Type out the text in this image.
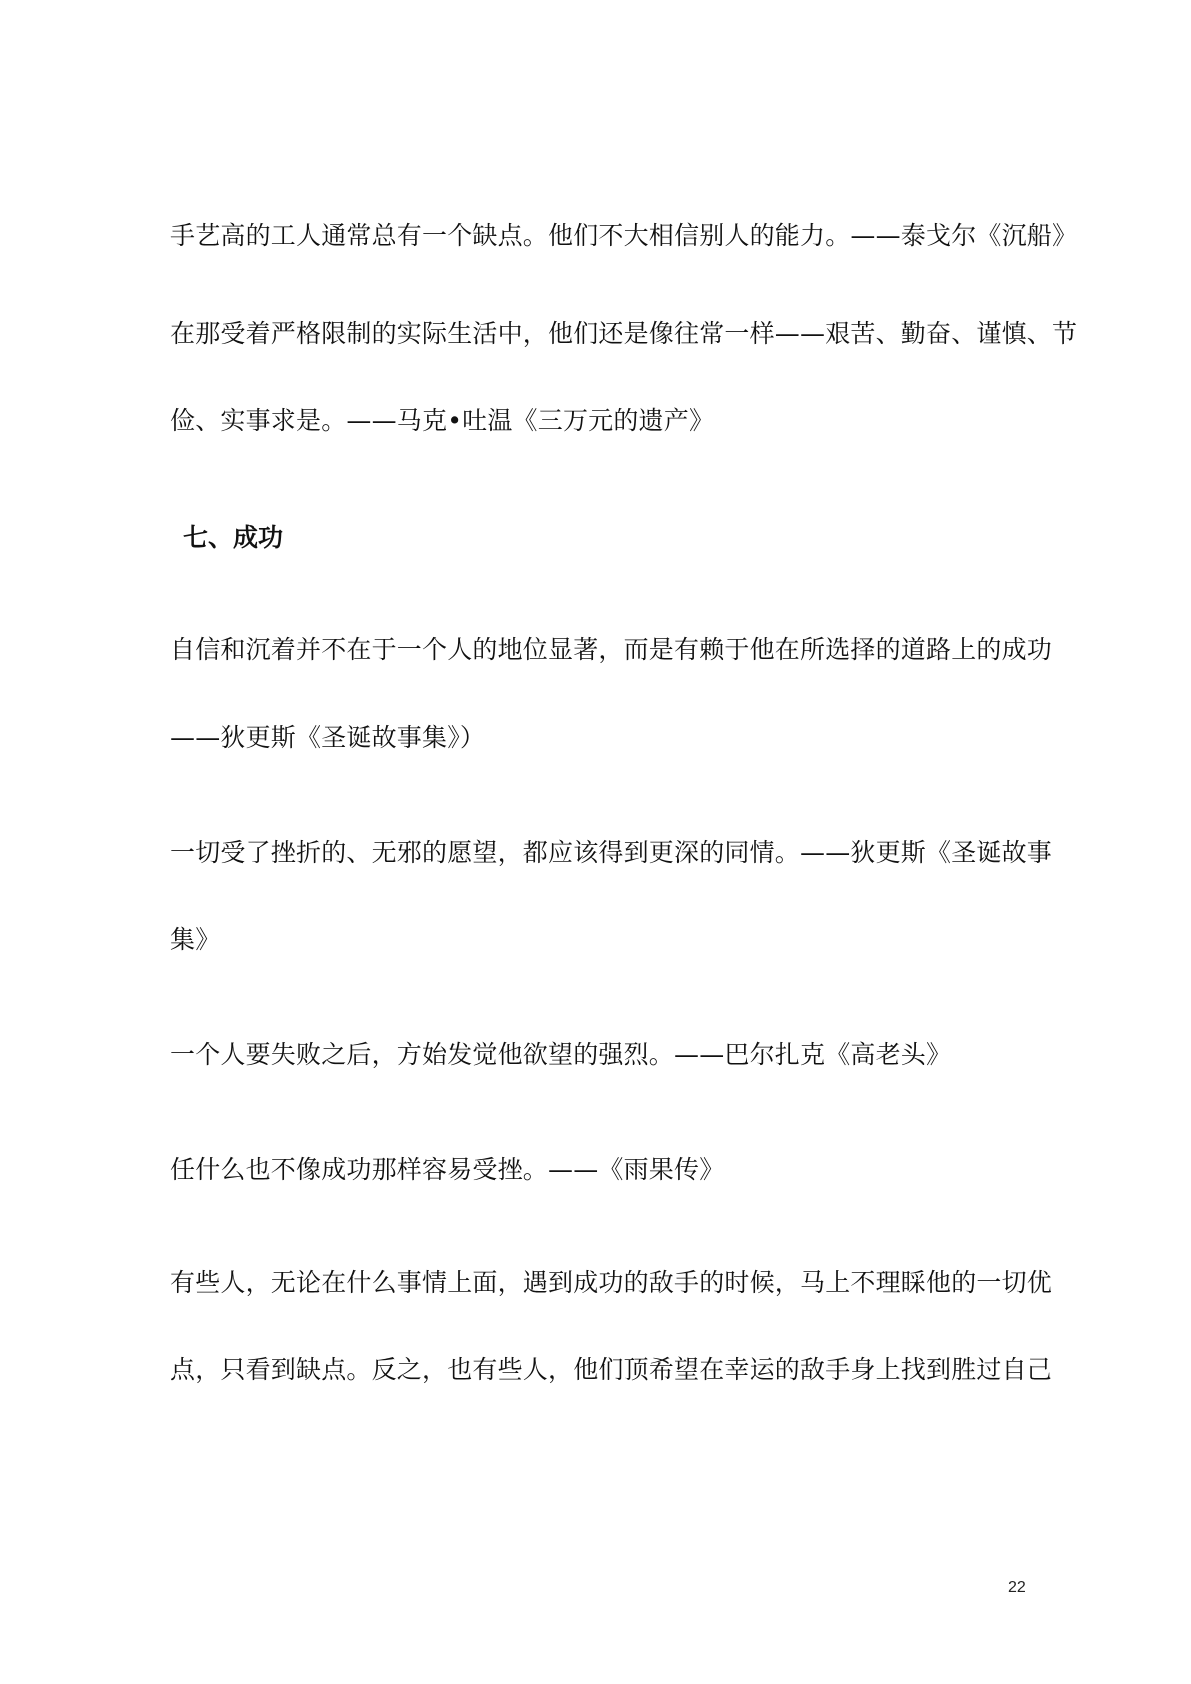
手艺高的工人通常总有一个缺点。他们不大相信别人的能力。——泰戈尔《沉船》

在那受着严格限制的实际生活中，他们还是像往常一样——艰苦、勤奋、谨慎、节

俭、实事求是。——马克•吐温《三万元的遗产》

七、成功

自信和沉着并不在于一个人的地位显著，而是有赖于他在所选择的道路上的成功

——狄更斯《圣诞故事集》）

一切受了挫折的、无邪的愿望，都应该得到更深的同情。——狄更斯《圣诞故事

集》

一个人要失败之后，方始发觉他欲望的强烈。——巴尔扎克《高老头》

任什么也不像成功那样容易受挫。——《雨果传》

有些人，无论在什么事情上面，遇到成功的敌手的时候，马上不理睬他的一切优

点，只看到缺点。反之，也有些人，他们顶希望在幸运的敌手身上找到胜过自己

22
